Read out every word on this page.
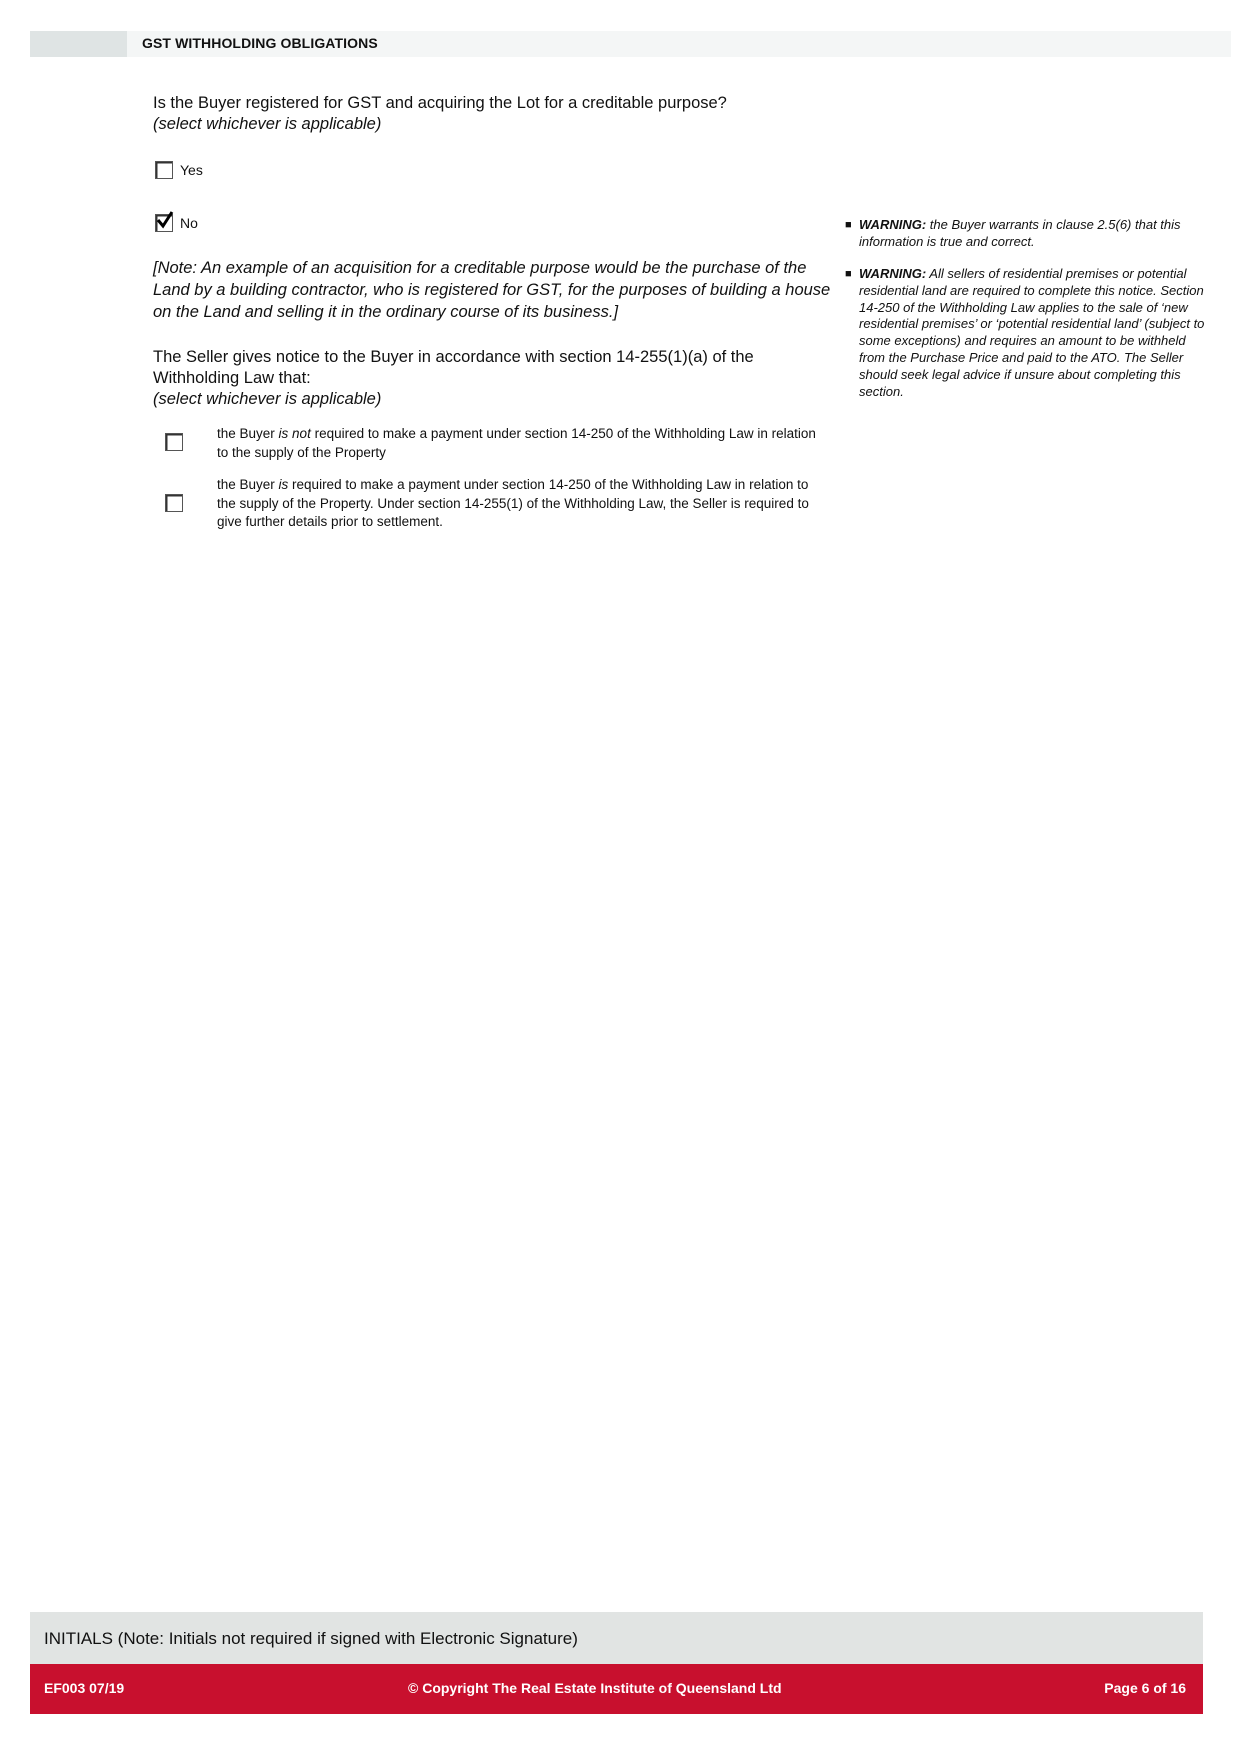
GST WITHHOLDING OBLIGATIONS
Is the Buyer registered for GST and acquiring the Lot for a creditable purpose?
(select whichever is applicable)
Yes
No
[Note: An example of an acquisition for a creditable purpose would be the purchase of the Land by a building contractor, who is registered for GST, for the purposes of building a house on the Land and selling it in the ordinary course of its business.]
The Seller gives notice to the Buyer in accordance with section 14-255(1)(a) of the Withholding Law that:
(select whichever is applicable)
the Buyer is not required to make a payment under section 14-250 of the Withholding Law in relation to the supply of the Property
the Buyer is required to make a payment under section 14-250 of the Withholding Law in relation to the supply of the Property. Under section 14-255(1) of the Withholding Law, the Seller is required to give further details prior to settlement.
■ WARNING: the Buyer warrants in clause 2.5(6) that this information is true and correct.
■ WARNING: All sellers of residential premises or potential residential land are required to complete this notice. Section 14-250 of the Withholding Law applies to the sale of ‘new residential premises’ or ‘potential residential land’ (subject to some exceptions) and requires an amount to be withheld from the Purchase Price and paid to the ATO. The Seller should seek legal advice if unsure about completing this section.
INITIALS (Note: Initials not required if signed with Electronic Signature)
EF003 07/19	© Copyright The Real Estate Institute of Queensland Ltd	Page 6 of 16
